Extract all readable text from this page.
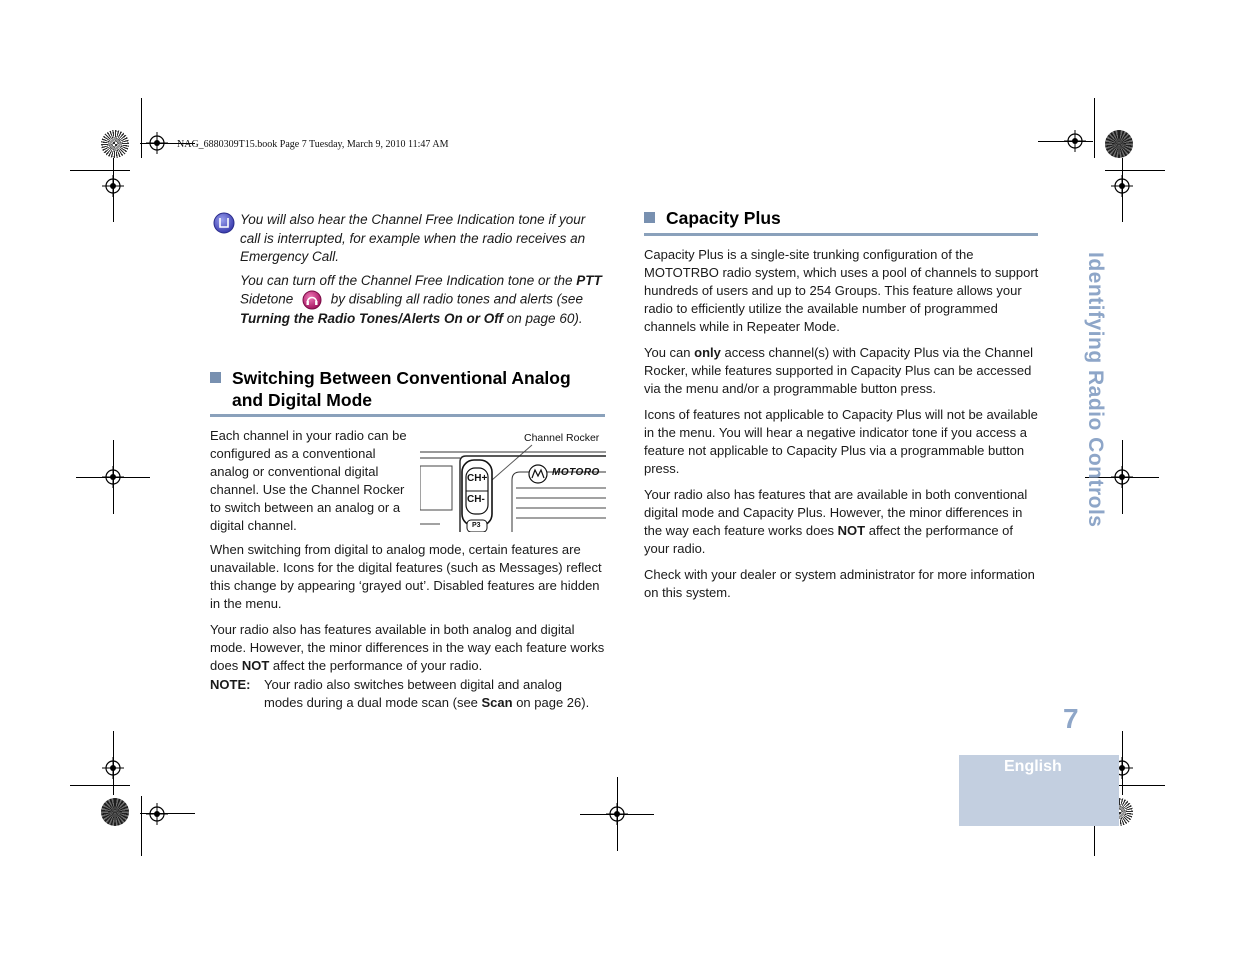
NAG_6880309T15.book Page 7 Tuesday, March 9, 2010 11:47 AM

You will also hear the Channel Free Indication tone if your call is interrupted, for example when the radio receives an Emergency Call.

You can turn off the Channel Free Indication tone or the PTT Sidetone
by disabling all radio tones and alerts (see Turning the Radio Tones/Alerts On or Off on page 60).

Switching Between Conventional Analog
and Digital Mode
Each channel in your radio can be configured as a conventional analog or conventional digital channel. Use the Channel Rocker to switch between an analog or a digital channel.
Channel Rocker
CH+
CH-
MOTORO
P3

When switching from digital to analog mode, certain features are unavailable. Icons for the digital features (such as Messages) reflect this change by appearing ‘grayed out’. Disabled features are hidden in the menu.

Your radio also has features available in both analog and digital mode. However, the minor differences in the way each feature works does NOT affect the performance of your radio.

NOTE: Your radio also switches between digital and analog modes during a dual mode scan (see Scan on page 26).
Capacity Plus

Capacity Plus is a single-site trunking configuration of the MOTOTRBO radio system, which uses a pool of channels to support hundreds of users and up to 254 Groups. This feature allows your radio to efficiently utilize the available number of programmed channels while in Repeater Mode.

You can only access channel(s) with Capacity Plus via the Channel Rocker, while features supported in Capacity Plus can be accessed via the menu and/or a programmable button press.

Icons of features not applicable to Capacity Plus will not be available in the menu. You will hear a negative indicator tone if you access a feature not applicable to Capacity Plus via a programmable button press.

Your radio also has features that are available in both conventional digital mode and Capacity Plus. However, the minor differences in the way each feature works does NOT affect the performance of your radio.

Check with your dealer or system administrator for more information on this system.

Identifying Radio Controls
7
English
